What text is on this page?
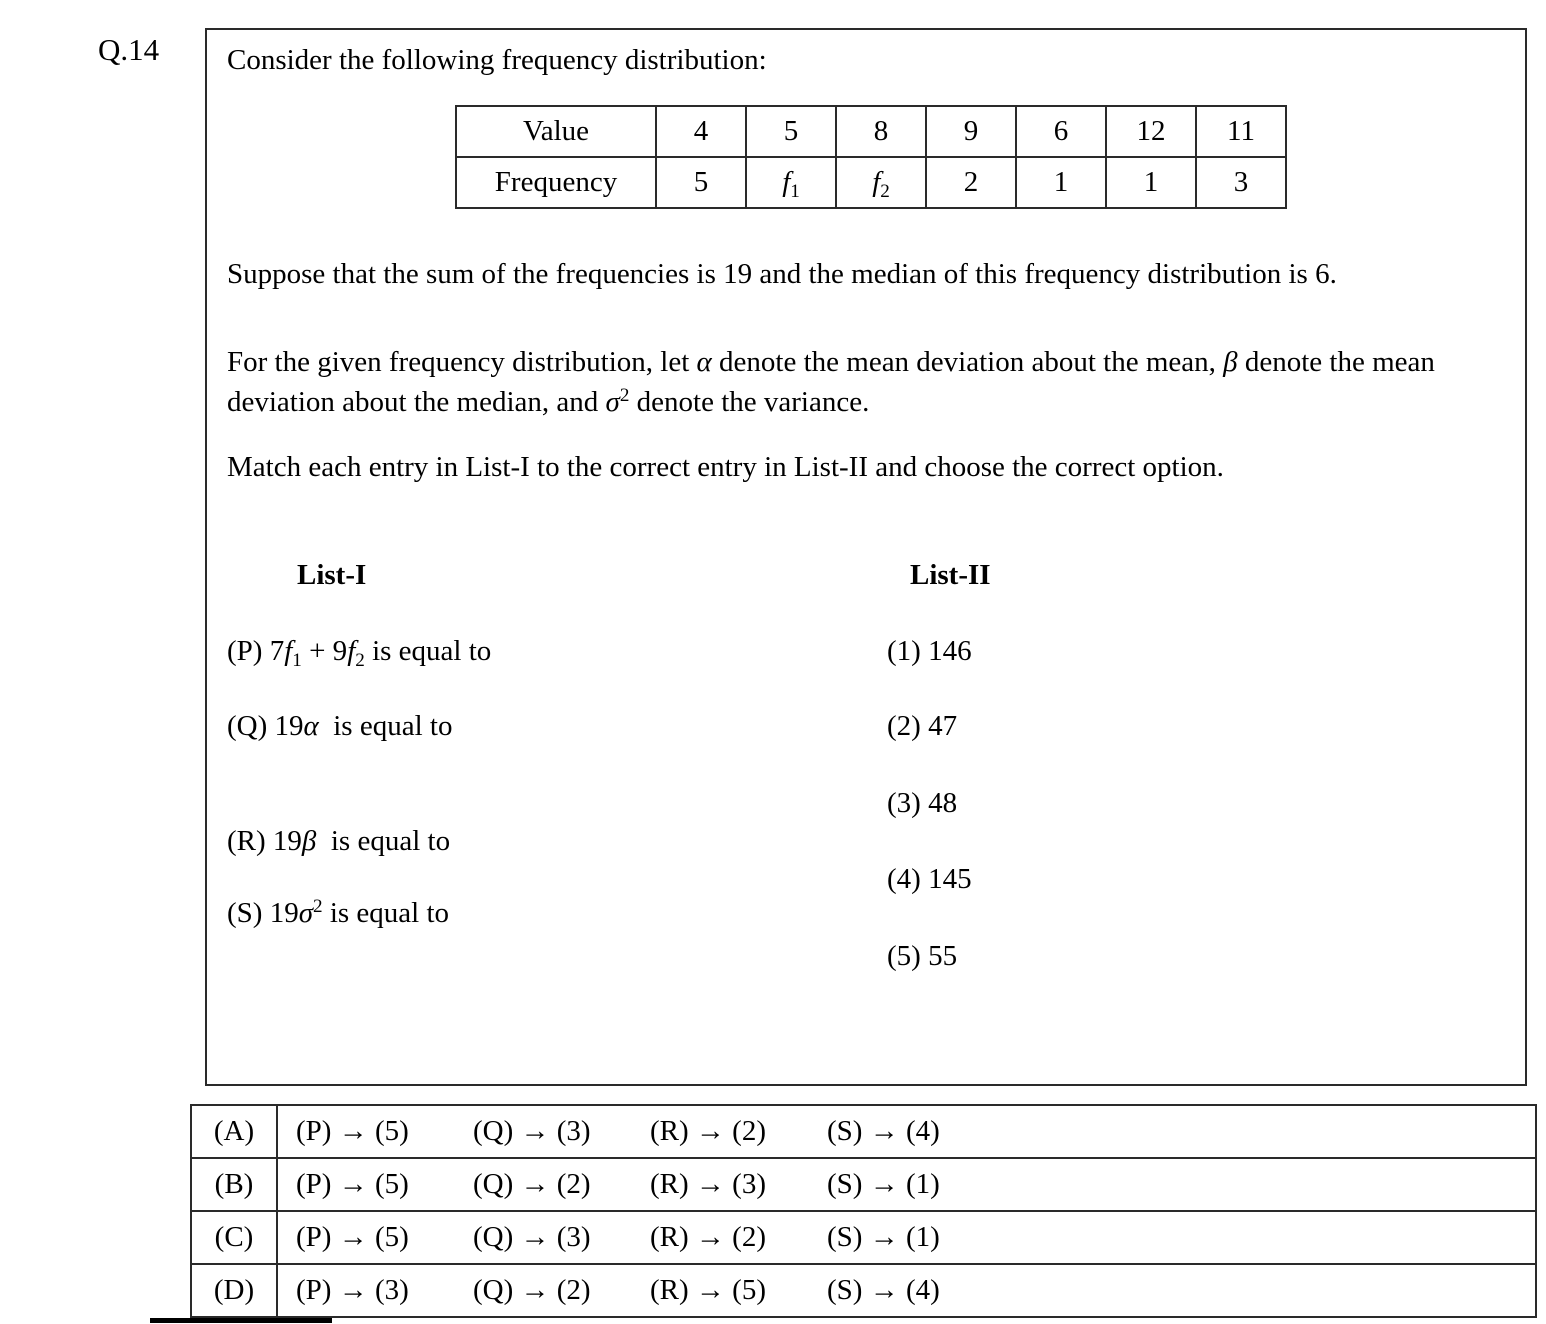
Q.14 Consider the following frequency distribution:
Value	4	5	8	9	6	12	11
Frequency	5	$f_1$	$f_2$	2	1	1	3
Suppose that the sum of the frequencies is 19 and the median of this frequency distribution is 6.
For the given frequency distribution, let α denote the mean deviation about the mean, β denote the mean deviation about the median, and $\sigma^2$ denote the variance.
Match each entry in List-I to the correct entry in List-II and choose the correct option.
List-I	List-II
(P) $7f_1 + 9f_2$ is equal to
(Q) 19α  is equal to
(R) 19β  is equal to
(S) $19\sigma^2$ is equal to
(1) 146
(2) 47
(3) 48
(4) 145
(5) 55
(A)	(P) → (5) (Q) → (3) (R) → (2) (S) → (4)
(B)	(P) → (5) (Q) → (2) (R) → (3) (S) → (1)
(C)	(P) → (5) (Q) → (3) (R) → (2) (S) → (1)
(D)	(P) → (3) (Q) → (2) (R) → (5) (S) → (4)
